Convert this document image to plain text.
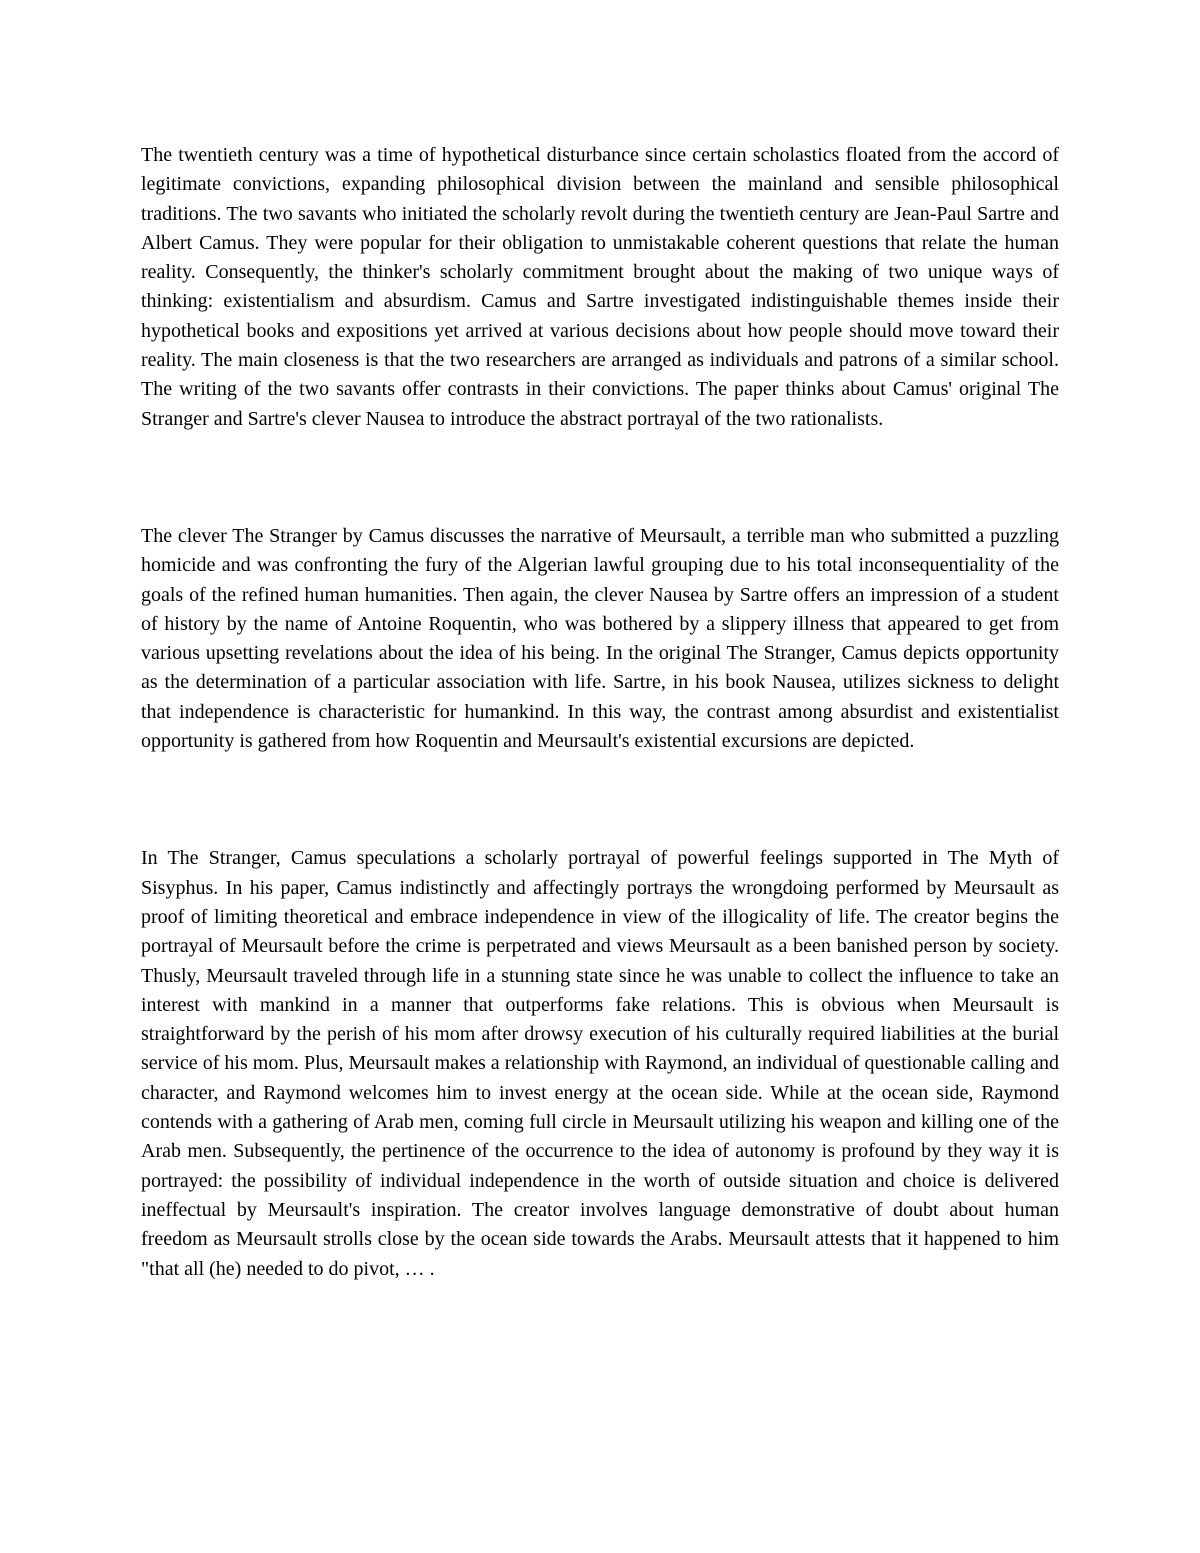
The twentieth century was a time of hypothetical disturbance since certain scholastics floated from the accord of legitimate convictions, expanding philosophical division between the mainland and sensible philosophical traditions. The two savants who initiated the scholarly revolt during the twentieth century are Jean-Paul Sartre and Albert Camus. They were popular for their obligation to unmistakable coherent questions that relate the human reality. Consequently, the thinker's scholarly commitment brought about the making of two unique ways of thinking: existentialism and absurdism. Camus and Sartre investigated indistinguishable themes inside their hypothetical books and expositions yet arrived at various decisions about how people should move toward their reality. The main closeness is that the two researchers are arranged as individuals and patrons of a similar school. The writing of the two savants offer contrasts in their convictions. The paper thinks about Camus' original The Stranger and Sartre's clever Nausea to introduce the abstract portrayal of the two rationalists.

The clever The Stranger by Camus discusses the narrative of Meursault, a terrible man who submitted a puzzling homicide and was confronting the fury of the Algerian lawful grouping due to his total inconsequentiality of the goals of the refined human humanities. Then again, the clever Nausea by Sartre offers an impression of a student of history by the name of Antoine Roquentin, who was bothered by a slippery illness that appeared to get from various upsetting revelations about the idea of his being. In the original The Stranger, Camus depicts opportunity as the determination of a particular association with life. Sartre, in his book Nausea, utilizes sickness to delight that independence is characteristic for humankind. In this way, the contrast among absurdist and existentialist opportunity is gathered from how Roquentin and Meursault's existential excursions are depicted.

In The Stranger, Camus speculations a scholarly portrayal of powerful feelings supported in The Myth of Sisyphus. In his paper, Camus indistinctly and affectingly portrays the wrongdoing performed by Meursault as proof of limiting theoretical and embrace independence in view of the illogicality of life. The creator begins the portrayal of Meursault before the crime is perpetrated and views Meursault as a been banished person by society. Thusly, Meursault traveled through life in a stunning state since he was unable to collect the influence to take an interest with mankind in a manner that outperforms fake relations. This is obvious when Meursault is straightforward by the perish of his mom after drowsy execution of his culturally required liabilities at the burial service of his mom. Plus, Meursault makes a relationship with Raymond, an individual of questionable calling and character, and Raymond welcomes him to invest energy at the ocean side. While at the ocean side, Raymond contends with a gathering of Arab men, coming full circle in Meursault utilizing his weapon and killing one of the Arab men. Subsequently, the pertinence of the occurrence to the idea of autonomy is profound by they way it is portrayed: the possibility of individual independence in the worth of outside situation and choice is delivered ineffectual by Meursault's inspiration. The creator involves language demonstrative of doubt about human freedom as Meursault strolls close by the ocean side towards the Arabs. Meursault attests that it happened to him "that all (he) needed to do pivot, … .
